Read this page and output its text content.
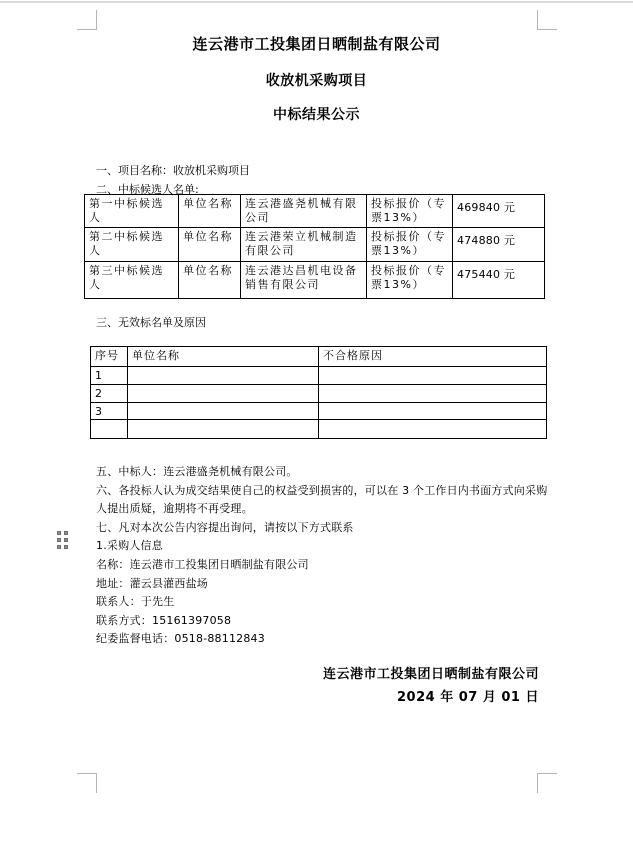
连云港市工投集团日晒制盐有限公司
收放机采购项目
中标结果公示

一、项目名称：收放机采购项目

二、中标候选人名单:

第一中标候选人	单位名称	连云港盛尧机械有限公司	投标报价（专票13%）	469840 元
第二中标候选人	单位名称	连云港荣立机械制造有限公司	投标报价（专票13%）	474880 元
第三中标候选人	单位名称	连云港达昌机电设备销售有限公司	投标报价（专票13%）	475440 元

三、无效标名单及原因

序号	单位名称	不合格原因
1		
2		
3		

五、中标人：连云港盛尧机械有限公司。

六、各投标人认为成交结果使自己的权益受到损害的，可以在 3 个工作日内书面方式向采购人提出质疑，逾期将不再受理。

七、凡对本次公告内容提出询问，请按以下方式联系

1.采购人信息

名称：连云港市工投集团日晒制盐有限公司

地址：灌云县灌西盐场

联系人：于先生

联系方式：15161397058

纪委监督电话：0518-88112843

连云港市工投集团日晒制盐有限公司
2024 年 07 月 01 日
